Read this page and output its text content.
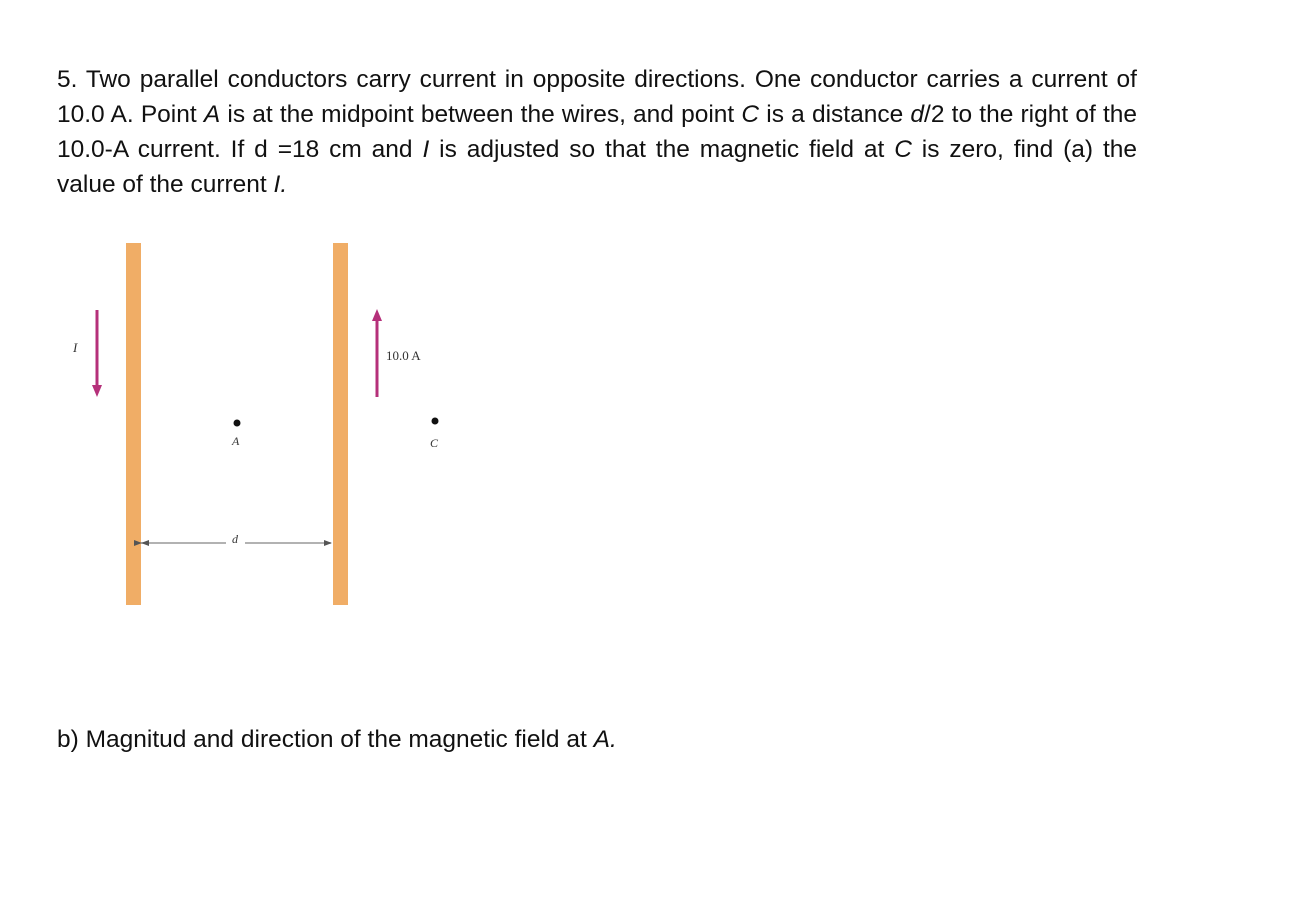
5. Two parallel conductors carry current in opposite directions. One conductor carries a current of 10.0 A. Point A is at the midpoint between the wires, and point C is a distance d/2 to the right of the 10.0-A current. If d =18 cm and I is adjusted so that the magnetic field at C is zero, find (a) the value of the current I.

I
10.0 A
A	C
d

b) Magnitud and direction of the magnetic field at A.
